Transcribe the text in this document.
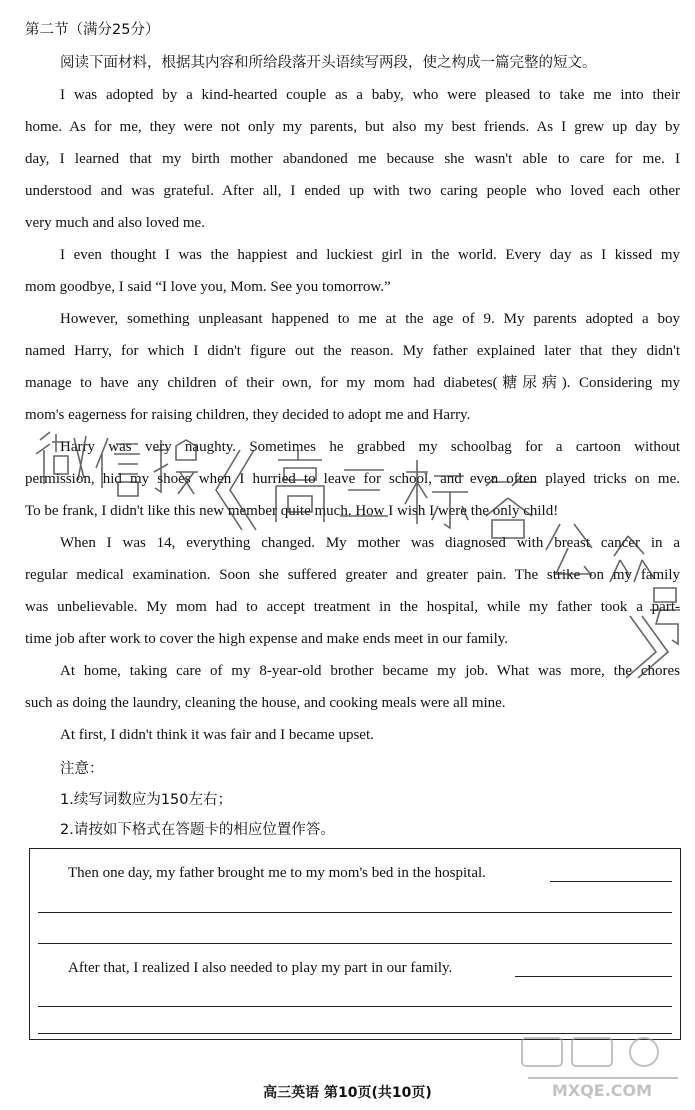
第二节（满分25分）
阅读下面材料，根据其内容和所给段落开头语续写两段，使之构成一篇完整的短文。
I was adopted by a kind-hearted couple as a baby, who were pleased to take me into their
home. As for me, they were not only my parents, but also my best friends. As I grew up day by
day, I learned that my birth mother abandoned me because she wasn't able to care for me. I
understood and was grateful. After all, I ended up with two caring people who loved each other
very much and also loved me.
I even thought I was the happiest and luckiest girl in the world. Every day as I kissed my
mom goodbye, I said “I love you, Mom. See you tomorrow.”
However, something unpleasant happened to me at the age of 9. My parents adopted a boy
named Harry, for which I didn't figure out the reason. My father explained later that they didn't
manage to have any children of their own, for my mom had diabetes(糖尿病). Considering my
mom's eagerness for raising children, they decided to adopt me and Harry.
Harry was very naughty. Sometimes he grabbed my schoolbag for a cartoon without
permission, hid my shoes when I hurried to leave for school, and even often played tricks on me.
To be frank, I didn't like this new member quite much. How I wish I were the only child!
When I was 14, everything changed. My mother was diagnosed with breast cancer in a
regular medical examination. Soon she suffered greater and greater pain. The strike on my family
was unbelievable. My mom had to accept treatment in the hospital, while my father took a part-
time job after work to cover the high expense and make ends meet in our family.
At home, taking care of my 8-year-old brother became my job. What was more, the chores
such as doing the laundry, cleaning the house, and cooking meals were all mine.
At first, I didn't think it was fair and I became upset.
注意：
1.续写词数应为150左右；
2.请按如下格式在答题卡的相应位置作答。
Then one day, my father brought me to my mom's bed in the hospital.
After that, I realized I also needed to play my part in our family.
高三英语 第10页(共10页)	MXQE.COM
